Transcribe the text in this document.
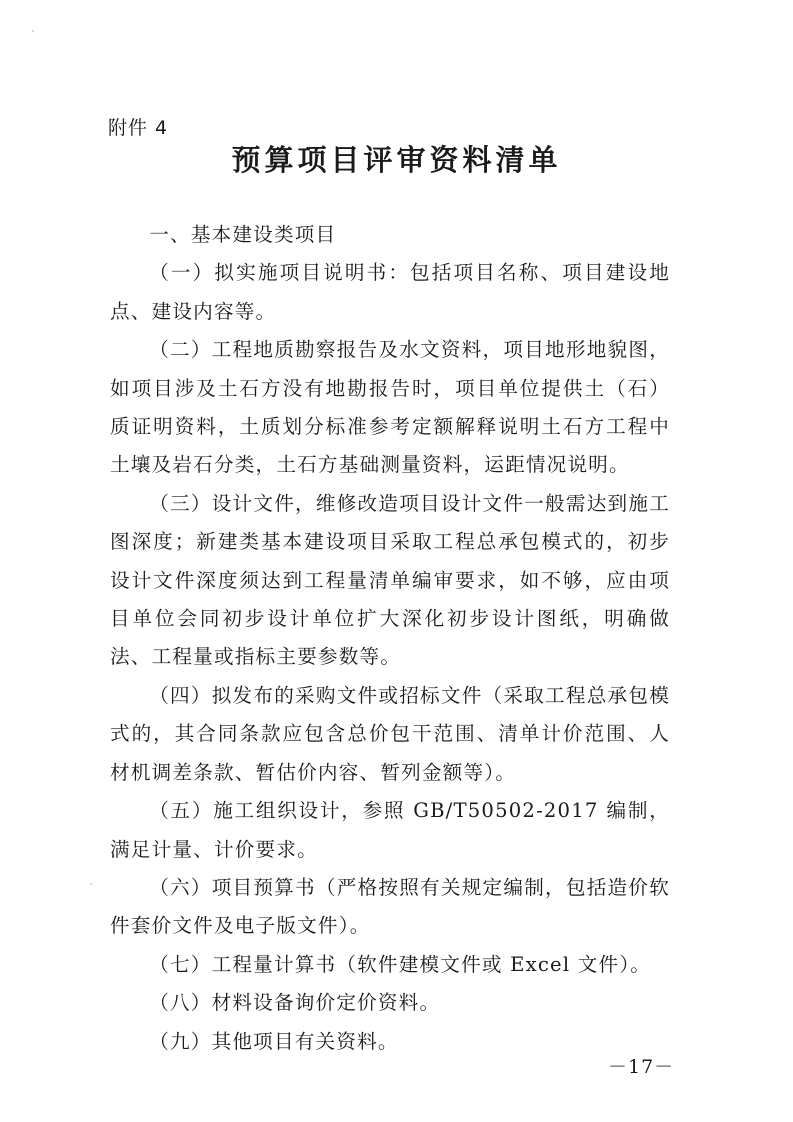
附件 4
预算项目评审资料清单

一、基本建设类项目

（一）拟实施项目说明书：包括项目名称、项目建设地点、建设内容等。

（二）工程地质勘察报告及水文资料，项目地形地貌图，如项目涉及土石方没有地勘报告时，项目单位提供土（石）质证明资料，土质划分标准参考定额解释说明土石方工程中土壤及岩石分类，土石方基础测量资料，运距情况说明。

（三）设计文件，维修改造项目设计文件一般需达到施工图深度；新建类基本建设项目采取工程总承包模式的，初步设计文件深度须达到工程量清单编审要求，如不够，应由项目单位会同初步设计单位扩大深化初步设计图纸，明确做法、工程量或指标主要参数等。

（四）拟发布的采购文件或招标文件（采取工程总承包模式的，其合同条款应包含总价包干范围、清单计价范围、人材机调差条款、暂估价内容、暂列金额等）。

（五）施工组织设计，参照 GB/T50502-2017 编制，满足计量、计价要求。

（六）项目预算书（严格按照有关规定编制，包括造价软件套价文件及电子版文件）。

（七）工程量计算书（软件建模文件或 Excel 文件）。

（八）材料设备询价定价资料。

（九）其他项目有关资料。

－17－
